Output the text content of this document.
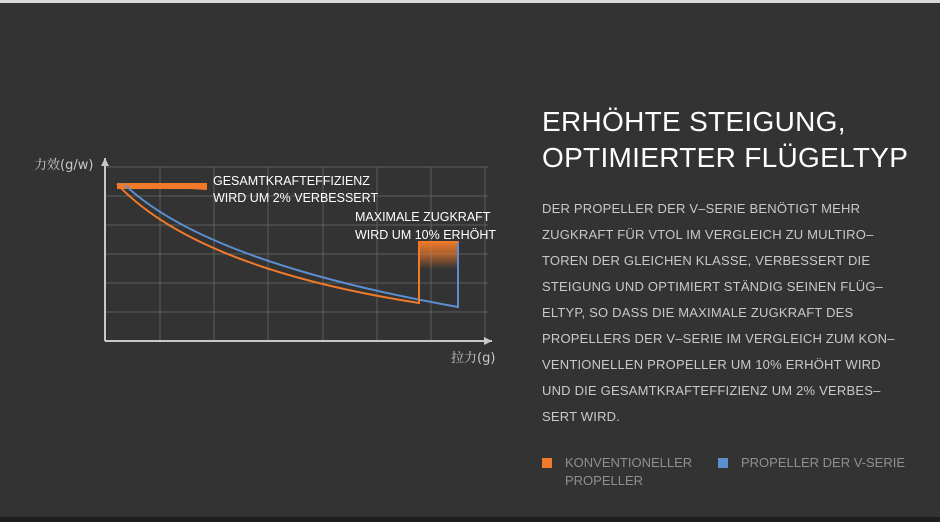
GESAMTKRAFTEFFIZIENZ
WIRD UM 2% VERBESSERT
MAXIMALE ZUGKRAFT
WIRD UM 10% ERHÖHT
力效(g/w)
拉力(g)
ERHÖHTE STEIGUNG,
OPTIMIERTER FLÜGELTYP
DER PROPELLER DER V–SERIE BENÖTIGT MEHR
ZUGKRAFT FÜR VTOL IM VERGLEICH ZU MULTIRO–
TOREN DER GLEICHEN KLASSE, VERBESSERT DIE
STEIGUNG UND OPTIMIERT STÄNDIG SEINEN FLÜG–
ELTYP, SO DASS DIE MAXIMALE ZUGKRAFT DES
PROPELLERS DER V–SERIE IM VERGLEICH ZUM KON–
VENTIONELLEN PROPELLER UM 10% ERHÖHT WIRD
UND DIE GESAMTKRAFTEFFIZIENZ UM 2% VERBES–
SERT WIRD.
KONVENTIONELLER
PROPELLER
PROPELLER DER V-SERIE
